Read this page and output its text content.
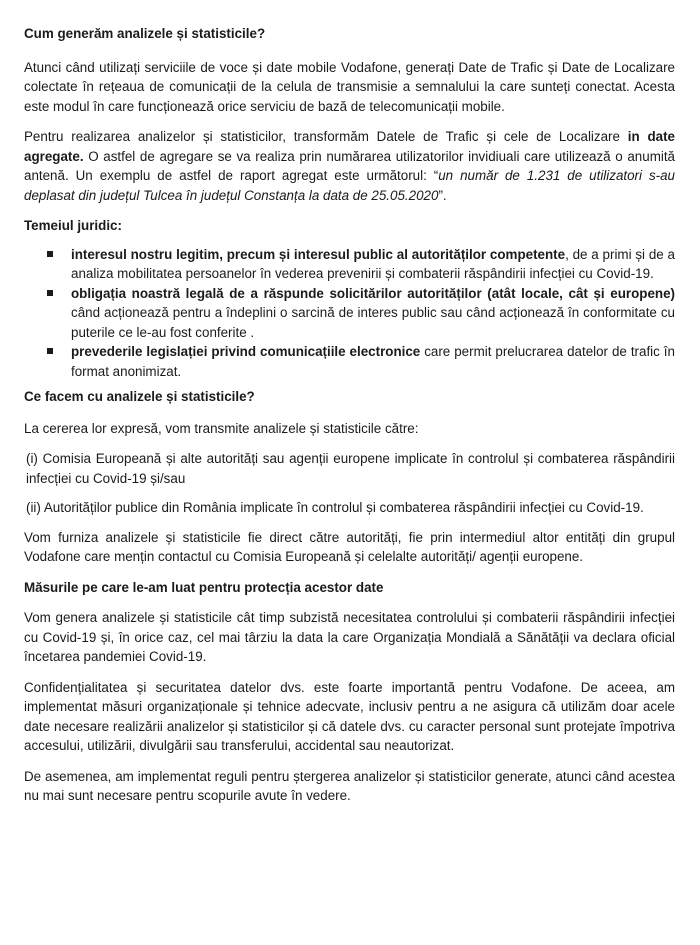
Cum generăm analizele și statisticile?

Atunci când utilizați serviciile de voce și date mobile Vodafone, generați Date de Trafic și Date de Localizare colectate în rețeaua de comunicații de la celula de transmisie a semnalului la care sunteți conectat. Acesta este modul în care funcționează orice serviciu de bază de telecomunicații mobile.

Pentru realizarea analizelor și statisticilor, transformăm Datele de Trafic și cele de Localizare in date agregate. O astfel de agregare se va realiza prin numărarea utilizatorilor invidiuali care utilizează o anumită antenă. Un exemplu de astfel de raport agregat este următorul: “un număr de 1.231 de utilizatori s-au deplasat din județul Tulcea în județul Constanța la data de 25.05.2020”.

Temeiul juridic:
interesul nostru legitim, precum și interesul public al autorităților competente, de a primi și de a analiza mobilitatea persoanelor în vederea prevenirii și combaterii răspândirii infecției cu Covid-19.
obligația noastră legală de a răspunde solicitărilor autorităților (atât locale, cât și europene) când acționează pentru a îndeplini o sarcină de interes public sau când acționează în conformitate cu puterile ce le-au fost conferite .
prevederile legislației privind comunicațiile electronice care permit prelucrarea datelor de trafic în format anonimizat.
Ce facem cu analizele și statisticile?

La cererea lor expresă, vom transmite analizele și statisticile către:

(i) Comisia Europeană și alte autorități sau agenții europene implicate în controlul și combaterea răspândirii infecției cu Covid-19 și/sau

(ii) Autorităților publice din România implicate în controlul și combaterea răspândirii infecției cu Covid-19.

Vom furniza analizele și statisticile fie direct către autorități, fie prin intermediul altor entități din grupul Vodafone care mențin contactul cu Comisia Europeană și celelalte autorități/ agenții europene.

Măsurile pe care le-am luat pentru protecția acestor date

Vom genera analizele și statisticile cât timp subzistă necesitatea controlului și combaterii răspândirii infecției cu Covid-19 și, în orice caz, cel mai târziu la data la care Organizația Mondială a Sănătății va declara oficial încetarea pandemiei Covid-19.

Confidențialitatea și securitatea datelor dvs. este foarte importantă pentru Vodafone. De aceea, am implementat măsuri organizaționale și tehnice adecvate, inclusiv pentru a ne asigura că utilizăm doar acele date necesare realizării analizelor și statisticilor și că datele dvs. cu caracter personal sunt protejate împotriva accesului, utilizării, divulgării sau transferului, accidental sau neautorizat.

De asemenea, am implementat reguli pentru ștergerea analizelor și statisticilor generate, atunci când acestea nu mai sunt necesare pentru scopurile avute în vedere.
